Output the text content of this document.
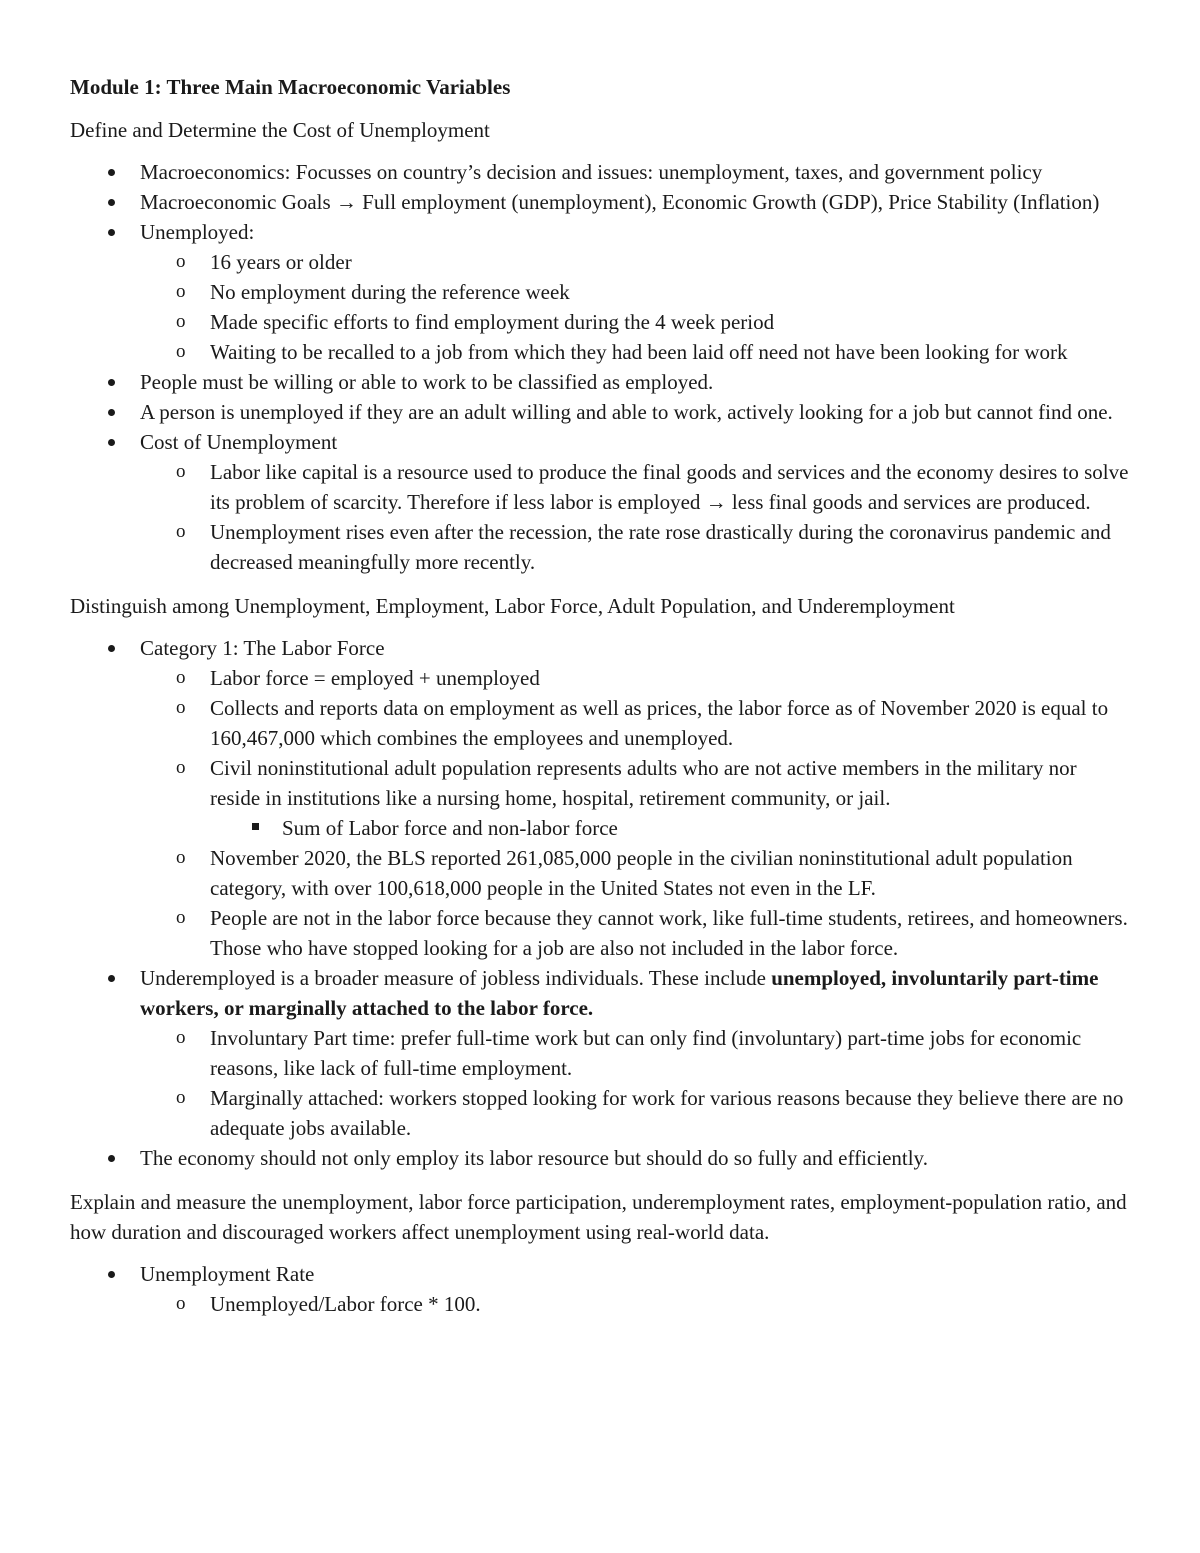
Module 1: Three Main Macroeconomic Variables
Define and Determine the Cost of Unemployment
Macroeconomics: Focusses on country’s decision and issues: unemployment, taxes, and government policy
Macroeconomic Goals → Full employment (unemployment), Economic Growth (GDP), Price Stability (Inflation)
Unemployed:
o 16 years or older
o No employment during the reference week
o Made specific efforts to find employment during the 4 week period
o Waiting to be recalled to a job from which they had been laid off need not have been looking for work
People must be willing or able to work to be classified as employed.
A person is unemployed if they are an adult willing and able to work, actively looking for a job but cannot find one.
Cost of Unemployment
o Labor like capital is a resource used to produce the final goods and services and the economy desires to solve its problem of scarcity. Therefore if less labor is employed → less final goods and services are produced.
o Unemployment rises even after the recession, the rate rose drastically during the coronavirus pandemic and decreased meaningfully more recently.
Distinguish among Unemployment, Employment, Labor Force, Adult Population, and Underemployment
Category 1: The Labor Force
o Labor force = employed + unemployed
o Collects and reports data on employment as well as prices, the labor force as of November 2020 is equal to 160,467,000 which combines the employees and unemployed.
o Civil noninstitutional adult population represents adults who are not active members in the military nor reside in institutions like a nursing home, hospital, retirement community, or jail.
Sum of Labor force and non-labor force
o November 2020, the BLS reported 261,085,000 people in the civilian noninstitutional adult population category, with over 100,618,000 people in the United States not even in the LF.
o People are not in the labor force because they cannot work, like full-time students, retirees, and homeowners. Those who have stopped looking for a job are also not included in the labor force.
Underemployed is a broader measure of jobless individuals. These include unemployed, involuntarily part-time workers, or marginally attached to the labor force.
o Involuntary Part time: prefer full-time work but can only find (involuntary) part-time jobs for economic reasons, like lack of full-time employment.
o Marginally attached: workers stopped looking for work for various reasons because they believe there are no adequate jobs available.
The economy should not only employ its labor resource but should do so fully and efficiently.
Explain and measure the unemployment, labor force participation, underemployment rates, employment-population ratio, and how duration and discouraged workers affect unemployment using real-world data.
Unemployment Rate
o Unemployed/Labor force * 100.
